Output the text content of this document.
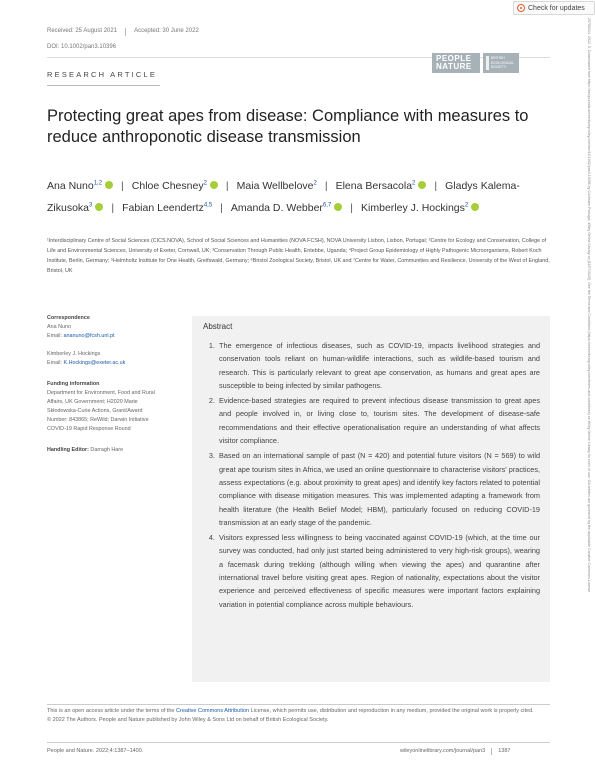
Check for updates
Received: 25 August 2021	Accepted: 30 June 2022
DOI: 10.1002/pan3.10396
PEOPLE
NATURE
BRITISH ECOLOGICAL SOCIETY
RESEARCH ARTICLE
Protecting great apes from disease: Compliance with measures to reduce anthroponotic disease transmission
Ana Nuno$^{1,2}$ | Chloe Chesney$^2$ | Maia Wellbelove$^2$ | Elena Bersacola$^2$ | Gladys Kalema-Zikusoka$^3$ | Fabian Leendertz$^{4,5}$ | Amanda D. Webber$^{6,7}$ | Kimberley J. Hockings$^2$
¹Interdisciplinary Centre of Social Sciences (CICS.NOVA), School of Social Sciences and Humanities (NOVA FCSH), NOVA University Lisbon, Lisbon, Portugal; ²Centre for Ecology and Conservation, College of Life and Environmental Sciences, University of Exeter, Cornwall, UK; ³Conservation Through Public Health, Entebbe, Uganda; ⁴Project Group Epidemiology of Highly Pathogenic Microorganisms, Robert Koch Institute, Berlin, Germany; ⁵Helmholtz Institute for One Health, Greifswald, Germany; ⁶Bristol Zoological Society, Bristol, UK and ⁷Centre for Water, Communities and Resilience, University of the West of England, Bristol, UK
Correspondence
Ana Nuno
Email: ananuno@fcsh.unl.pt
Kimberley J. Hockings
Email: K.Hockings@exeter.ac.uk
Funding information
Department for Environment, Food and Rural Affairs, UK Government; H2020 Marie Skłodowska-Curie Actions, Grant/Award Number: 843865; ReWild; Darwin Initiative COVID-19 Rapid Response Round
Handling Editor: Darragh Hare
Abstract
1. The emergence of infectious diseases, such as COVID-19, impacts livelihood strategies and conservation tools reliant on human-wildlife interactions, such as wildlife-based tourism and research. This is particularly relevant to great ape conservation, as humans and great apes are susceptible to being infected by similar pathogens.
2. Evidence-based strategies are required to prevent infectious disease transmission to great apes and people involved in, or living close to, tourism sites. The development of disease-safe recommendations and their effective operationalisation require an understanding of what affects visitor compliance.
3. Based on an international sample of past (N = 420) and potential future visitors (N = 569) to wild great ape tourism sites in Africa, we used an online questionnaire to characterise visitors' practices, assess expectations (e.g. about proximity to great apes) and identify key factors related to potential compliance with disease mitigation measures. This was implemented adapting a framework from health literature (the Health Belief Model; HBM), particularly focused on reducing COVID-19 transmission at an early stage of the pandemic.
4. Visitors expressed less willingness to being vaccinated against COVID-19 (which, at the time our survey was conducted, had only just started being administered to very high-risk groups), wearing a facemask during trekking (although willing when viewing the apes) and quarantine after international travel before visiting great apes. Region of nationality, expectations about the visitor experience and perceived effectiveness of specific measures were important factors explaining variation in potential compliance across multiple behaviours.
This is an open access article under the terms of the Creative Commons Attribution License, which permits use, distribution and reproduction in any medium, provided the original work is properly cited.
© 2022 The Authors. People and Nature published by John Wiley & Sons Ltd on behalf of British Ecological Society.
People and Nature. 2022;4:1387–1400.	wileyonlinelibrary.com/journal/pan3 1387
25758314, 2022, 5, Downloaded from https://besjournals.onlinelibrary.wiley.com/doi/10.1002/pan3.10396 by Cochrane Portugal, Wiley Online Library on [11/07/2025]. See the Terms and Conditions (https://onlinelibrary.wiley.com/terms-and-conditions) on Wiley Online Library for rules of use; OA articles are governed by the applicable Creative Commons License
